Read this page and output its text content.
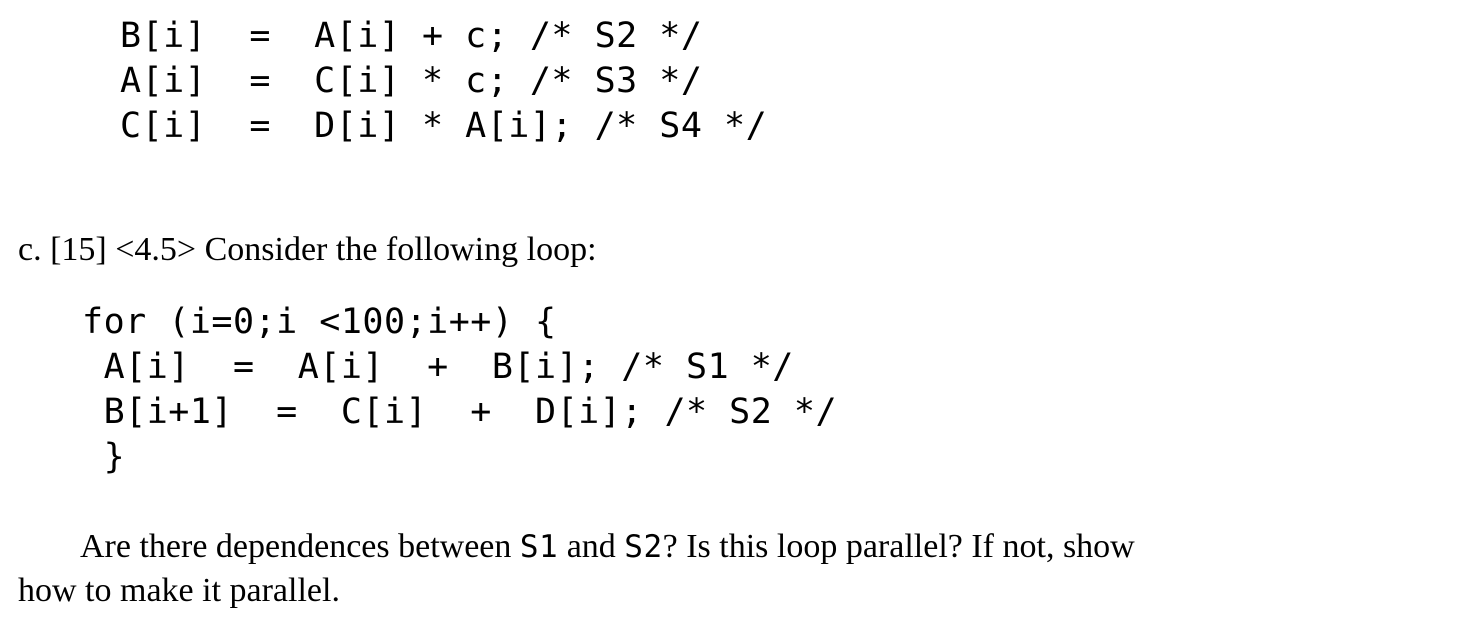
B[i]  =  A[i] + c; /* S2 */
A[i]  =  C[i] * c; /* S3 */
C[i]  =  D[i] * A[i]; /* S4 */
c. [15] <4.5> Consider the following loop:
for (i=0;i <100;i++) {
A[i]  =  A[i]  +  B[i]; /* S1 */
B[i+1]  =  C[i]  +  D[i]; /* S2 */
}

Are there dependences between S1 and S2? Is this loop parallel? If not, show

how to make it parallel.
